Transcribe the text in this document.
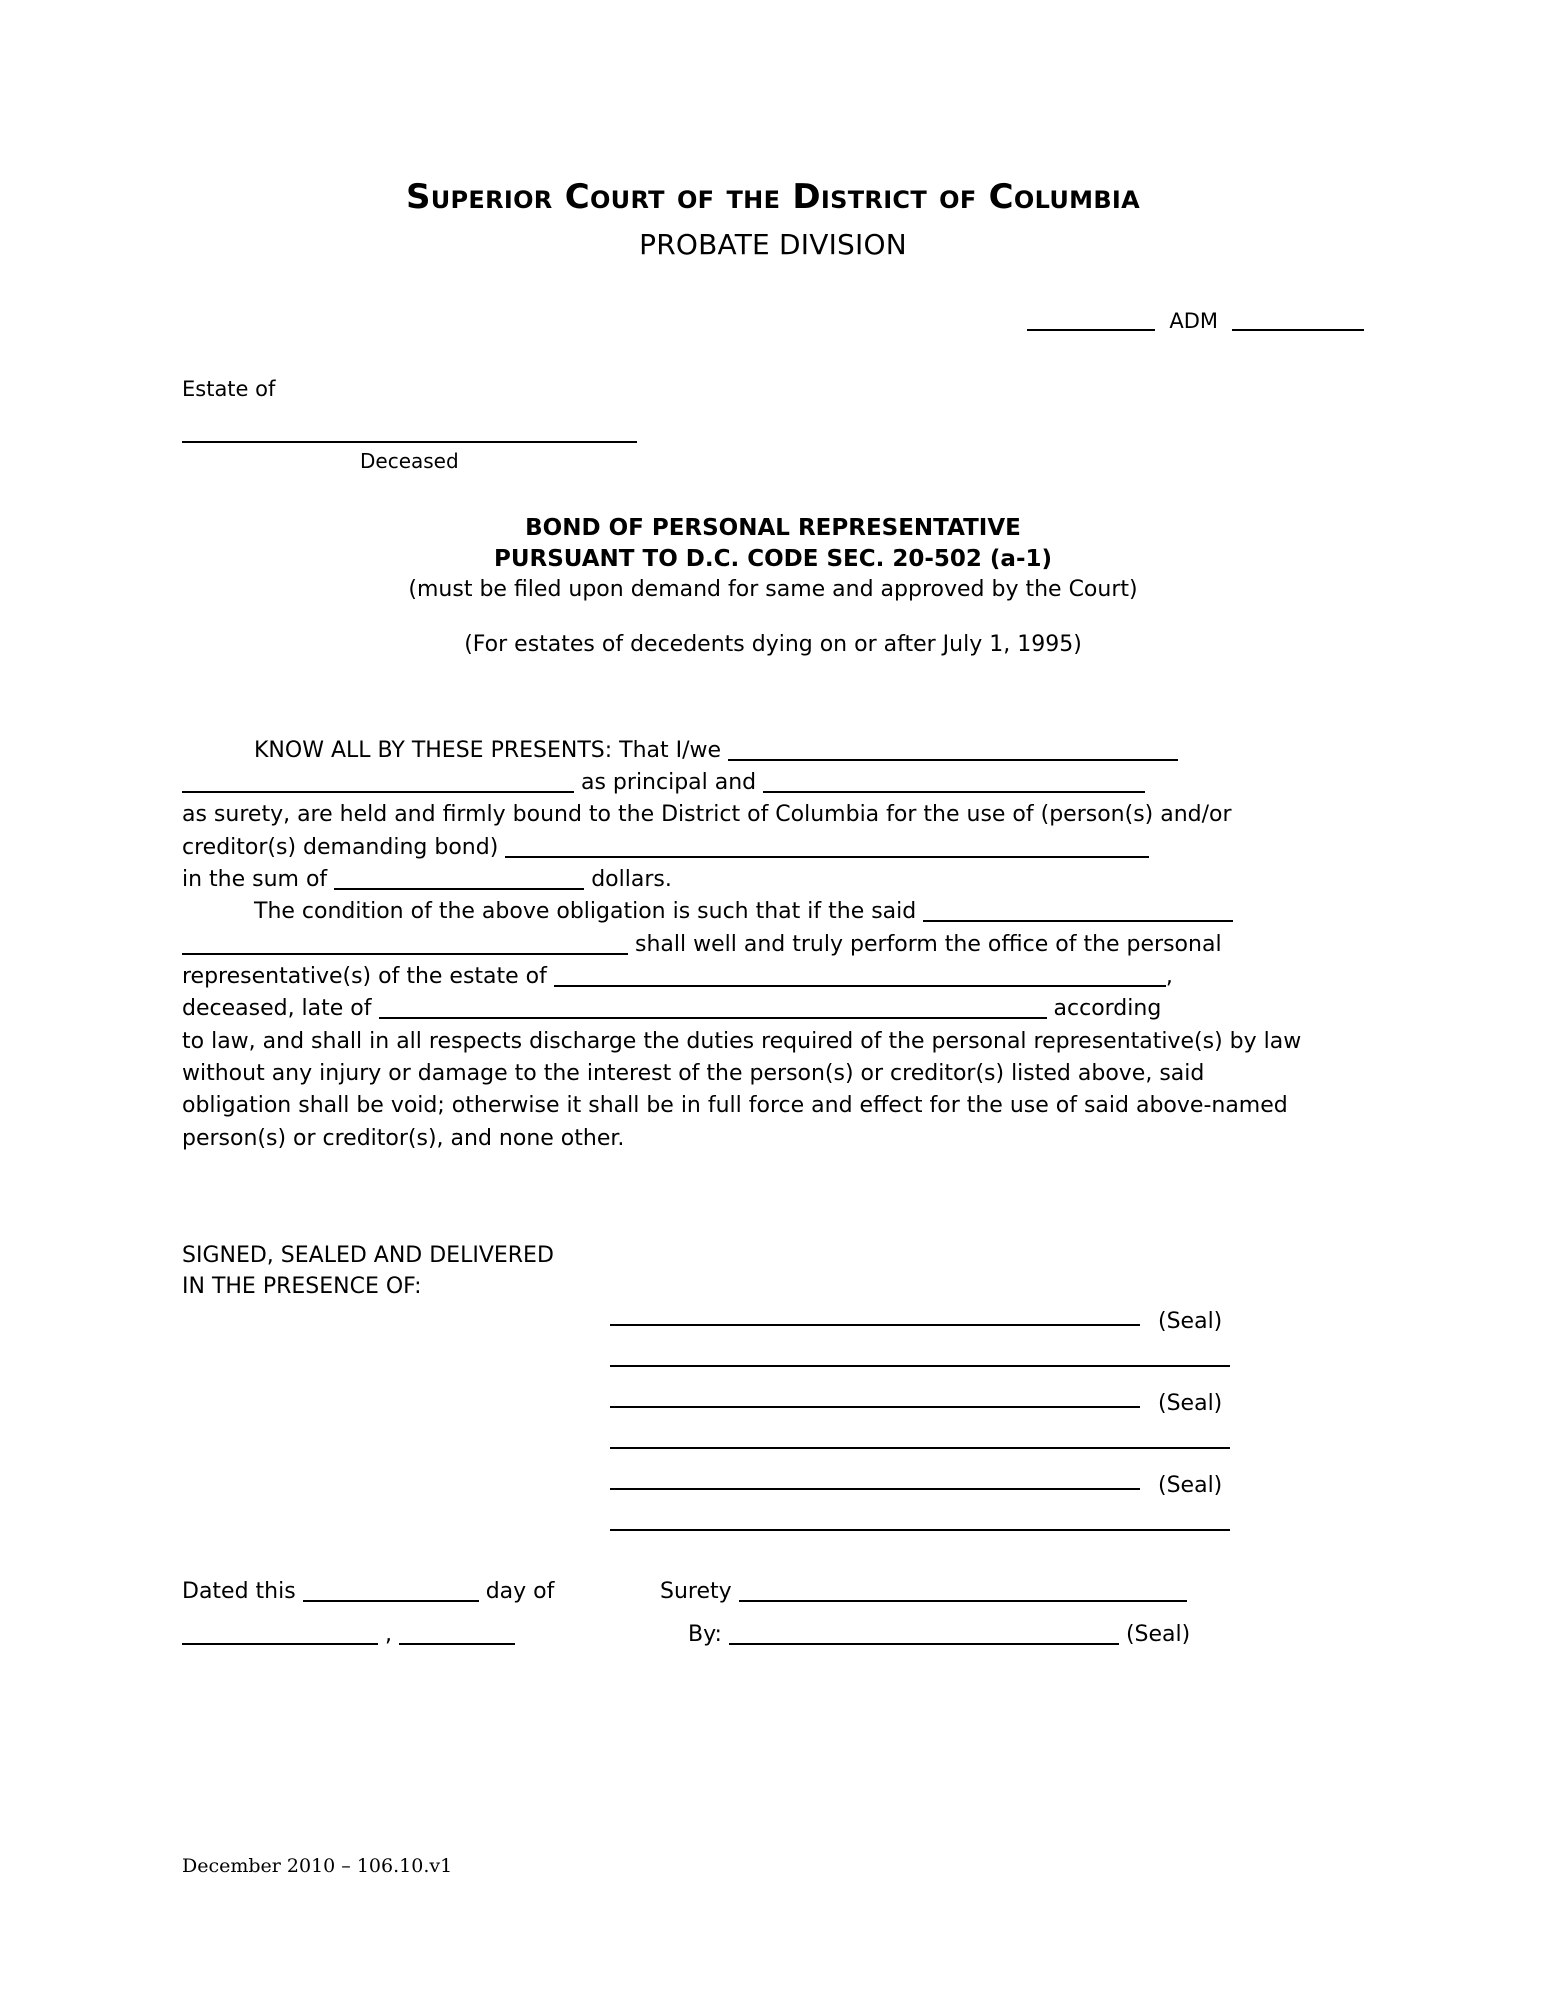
Superior Court of the District of Columbia
PROBATE DIVISION
ADM
Estate of
Deceased
BOND OF PERSONAL REPRESENTATIVE
PURSUANT TO D.C. CODE SEC. 20-502 (a-1)
(must be filed upon demand for same and approved by the Court)
(For estates of decedents dying on or after July 1, 1995)
KNOW ALL BY THESE PRESENTS: That I/we
as principal and
as surety, are held and firmly bound to the District of Columbia for the use of (person(s) and/or
creditor(s) demanding bond)
in the sum of	dollars.
The condition of the above obligation is such that if the said
shall well and truly perform the office of the personal
representative(s) of the estate of	,
deceased, late of	according
to law, and shall in all respects discharge the duties required of the personal representative(s) by law
without any injury or damage to the interest of the person(s) or creditor(s) listed above, said
obligation shall be void; otherwise it shall be in full force and effect for the use of said above-named
person(s) or creditor(s), and none other.
SIGNED, SEALED AND DELIVERED
IN THE PRESENCE OF:
(Seal)
(Seal)
(Seal)
Dated this	day of
,
Surety
By:	(Seal)
December 2010 – 106.10.v1
